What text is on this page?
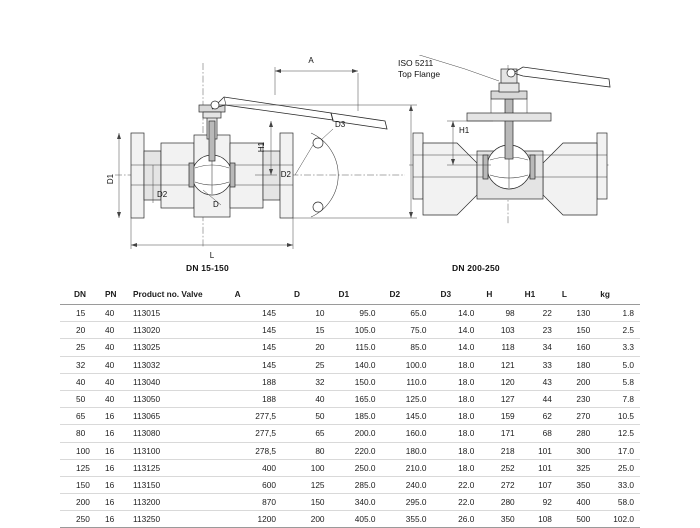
A
H1
D1
D2
D
L
D2
D3
H1
ISO 5211
Top Flange
DN 15-150	DN 200-250
DN	PN	Product no. Valve	A	D	D1	D2	D3	H	H1	L	kg
15	40	113015	145	10	95.0	65.0	14.0	98	22	130	1.8
20	40	113020	145	15	105.0	75.0	14.0	103	23	150	2.5
25	40	113025	145	20	115.0	85.0	14.0	118	34	160	3.3
32	40	113032	145	25	140.0	100.0	18.0	121	33	180	5.0
40	40	113040	188	32	150.0	110.0	18.0	120	43	200	5.8
50	40	113050	188	40	165.0	125.0	18.0	127	44	230	7.8
65	16	113065	277,5	50	185.0	145.0	18.0	159	62	270	10.5
80	16	113080	277,5	65	200.0	160.0	18.0	171	68	280	12.5
100	16	113100	278,5	80	220.0	180.0	18.0	218	101	300	17.0
125	16	113125	400	100	250.0	210.0	18.0	252	101	325	25.0
150	16	113150	600	125	285.0	240.0	22.0	272	107	350	33.0
200	16	113200	870	150	340.0	295.0	22.0	280	92	400	58.0
250	16	113250	1200	200	405.0	355.0	26.0	350	108	500	102.0
